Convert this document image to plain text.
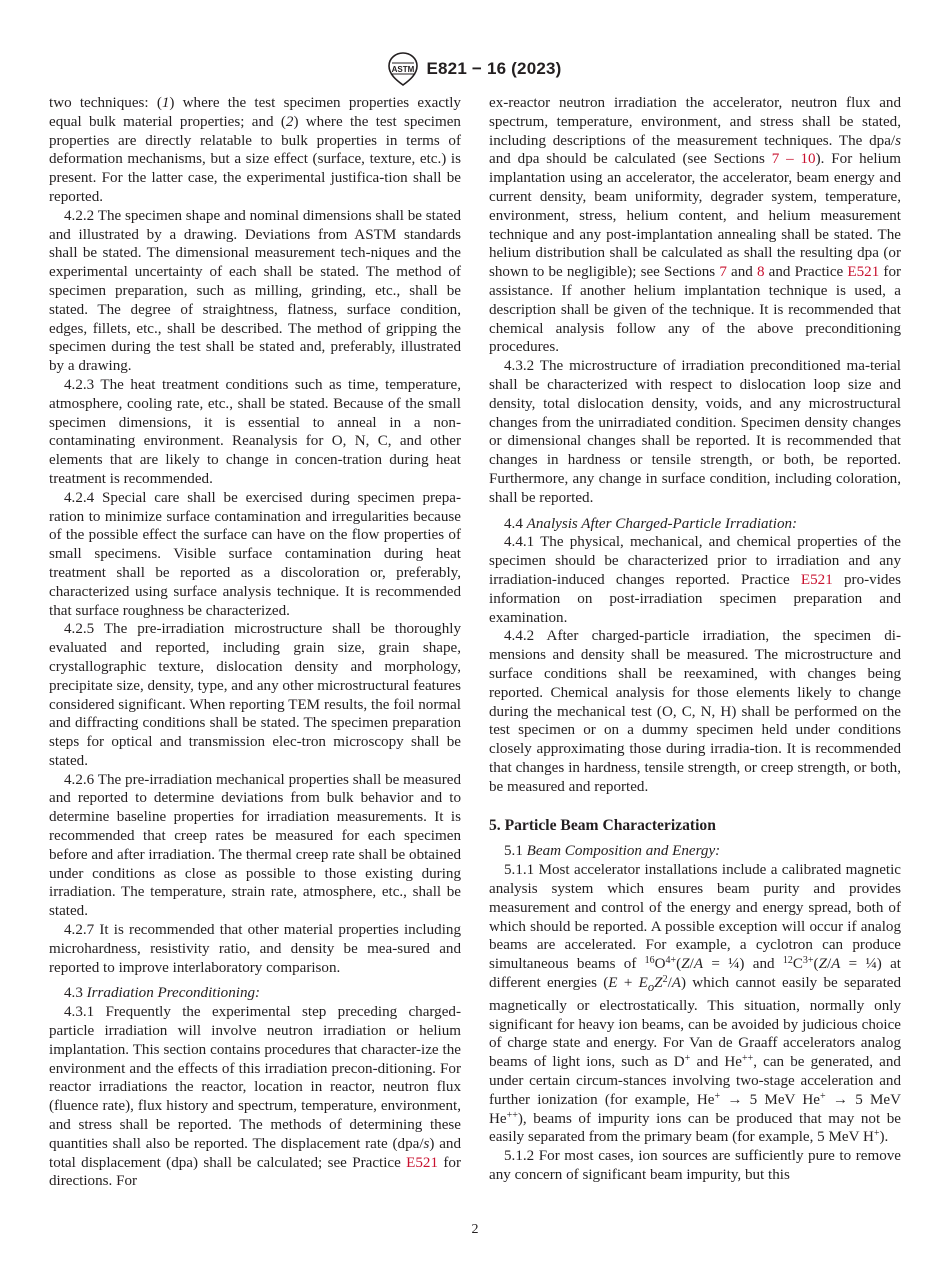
ASTM E821 − 16 (2023)

two techniques: (1) where the test specimen properties exactly equal bulk material properties; and (2) where the test specimen properties are directly relatable to bulk properties in terms of deformation mechanisms, but a size effect (surface, texture, etc.) is present. For the latter case, the experimental justifica-tion shall be reported.

4.2.2 The specimen shape and nominal dimensions shall be stated and illustrated by a drawing. Deviations from ASTM standards shall be stated. The dimensional measurement tech-niques and the experimental uncertainty of each shall be stated. The method of specimen preparation, such as milling, grinding, etc., shall be stated. The degree of straightness, flatness, surface condition, edges, fillets, etc., shall be described. The method of gripping the specimen during the test shall be stated and, preferably, illustrated by a drawing.

4.2.3 The heat treatment conditions such as time, temperature, atmosphere, cooling rate, etc., shall be stated. Because of the small specimen dimensions, it is essential to anneal in a non-contaminating environment. Reanalysis for O, N, C, and other elements that are likely to change in concen-tration during heat treatment is recommended.

4.2.4 Special care shall be exercised during specimen prepa-ration to minimize surface contamination and irregularities because of the possible effect the surface can have on the flow properties of small specimens. Visible surface contamination during heat treatment shall be reported as a discoloration or, preferably, characterized using surface analysis technique. It is recommended that surface roughness be characterized.

4.2.5 The pre-irradiation microstructure shall be thoroughly evaluated and reported, including grain size, grain shape, crystallographic texture, dislocation density and morphology, precipitate size, density, type, and any other microstructural features considered significant. When reporting TEM results, the foil normal and diffracting conditions shall be stated. The specimen preparation steps for optical and transmission elec-tron microscopy shall be stated.

4.2.6 The pre-irradiation mechanical properties shall be measured and reported to determine deviations from bulk behavior and to determine baseline properties for irradiation measurements. It is recommended that creep rates be measured for each specimen before and after irradiation. The thermal creep rate shall be obtained under conditions as close as possible to those existing during irradiation. The temperature, strain rate, atmosphere, etc., shall be stated.

4.2.7 It is recommended that other material properties including microhardness, resistivity ratio, and density be mea-sured and reported to improve interlaboratory comparison.

4.3 Irradiation Preconditioning:

4.3.1 Frequently the experimental step preceding charged-particle irradiation will involve neutron irradiation or helium implantation. This section contains procedures that character-ize the environment and the effects of this irradiation precon-ditioning. For reactor irradiations the reactor, location in reactor, neutron flux (fluence rate), flux history and spectrum, temperature, environment, and stress shall be reported. The methods of determining these quantities shall also be reported. The displacement rate (dpa/s) and total displacement (dpa) shall be calculated; see Practice E521 for directions. For

ex-reactor neutron irradiation the accelerator, neutron flux and spectrum, temperature, environment, and stress shall be stated, including descriptions of the measurement techniques. The dpa/s and dpa should be calculated (see Sections 7 – 10). For helium implantation using an accelerator, the accelerator, beam energy and current density, beam uniformity, degrader system, temperature, environment, stress, helium content, and helium measurement technique and any post-implantation annealing shall be stated. The helium distribution shall be calculated as shall the resulting dpa (or shown to be negligible); see Sections 7 and 8 and Practice E521 for assistance. If another helium implantation technique is used, a description shall be given of the technique. It is recommended that chemical analysis follow any of the above preconditioning procedures.

4.3.2 The microstructure of irradiation preconditioned ma-terial shall be characterized with respect to dislocation loop size and density, total dislocation density, voids, and any microstructural changes from the unirradiated condition. Specimen density changes or dimensional changes shall be reported. It is recommended that changes in hardness or tensile strength, or both, be reported. Furthermore, any change in surface condition, including coloration, shall be reported.

4.4 Analysis After Charged-Particle Irradiation:

4.4.1 The physical, mechanical, and chemical properties of the specimen should be characterized prior to irradiation and any irradiation-induced changes reported. Practice E521 pro-vides information on post-irradiation specimen preparation and examination.

4.4.2 After charged-particle irradiation, the specimen di-mensions and density shall be measured. The microstructure and surface conditions shall be reexamined, with changes being reported. Chemical analysis for those elements likely to change during the mechanical test (O, C, N, H) shall be performed on the test specimen or on a dummy specimen held under conditions closely approximating those during irradia-tion. It is recommended that changes in hardness, tensile strength, or creep strength, or both, be measured and reported.

5. Particle Beam Characterization

5.1 Beam Composition and Energy:

5.1.1 Most accelerator installations include a calibrated magnetic analysis system which ensures beam purity and provides measurement and control of the energy and energy spread, both of which should be reported. A possible exception will occur if analog beams are accelerated. For example, a cyclotron can produce simultaneous beams of $^{16}O^{4+}(Z/A$ = ¼) and $^{12}C^{3+}(Z/A$ = ¼) at different energies $(E + E_oZ^2/A)$ which cannot easily be separated magnetically or electrostatically. This situation, normally only significant for heavy ion beams, can be avoided by judicious choice of charge state and energy. For Van de Graaff accelerators analog beams of light ions, such as D+ and He++, can be generated, and under certain circum-stances involving two-stage acceleration and further ionization (for example, He+ → 5 MeV He+ → 5 MeV He++), beams of impurity ions can be produced that may not be easily separated from the primary beam (for example, 5 MeV H+).

5.1.2 For most cases, ion sources are sufficiently pure to remove any concern of significant beam impurity, but this

2
